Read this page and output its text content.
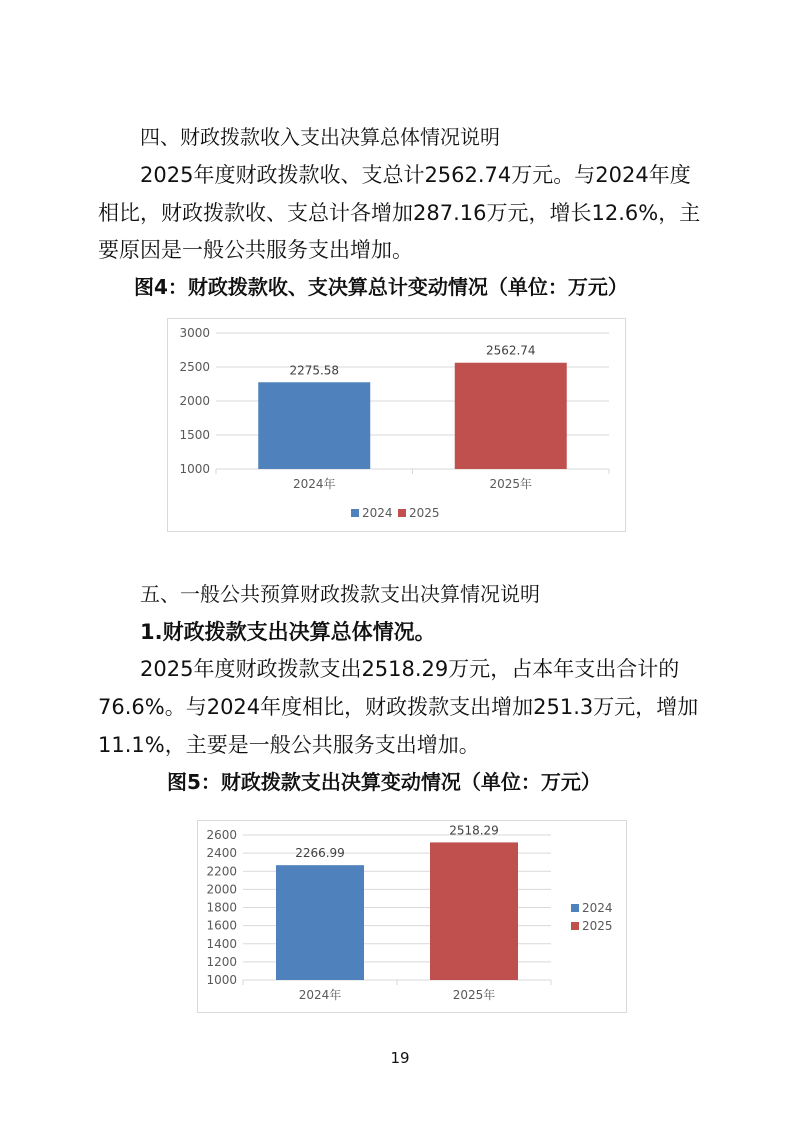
四、财政拨款收入支出决算总体情况说明
2025年度财政拨款收、支总计2562.74万元。与2024年度
相比，财政拨款收、支总计各增加287.16万元，增长12.6%，主
要原因是一般公共服务支出增加。
图4：财政拨款收、支决算总计变动情况（单位：万元）
1000
1500
2000
2500
3000
2275.58
2024年
2562.74
2025年
2024 2025
五、一般公共预算财政拨款支出决算情况说明
1.财政拨款支出决算总体情况。
2025年度财政拨款支出2518.29万元，占本年支出合计的
76.6%。与2024年度相比，财政拨款支出增加251.3万元，增加
11.1%，主要是一般公共服务支出增加。
图5：财政拨款支出决算变动情况（单位：万元）
1000
1200
1400
1600
1800
2000
2200
2400
2600
2266.99
2024年
2518.29
2025年
2024
2025
19
